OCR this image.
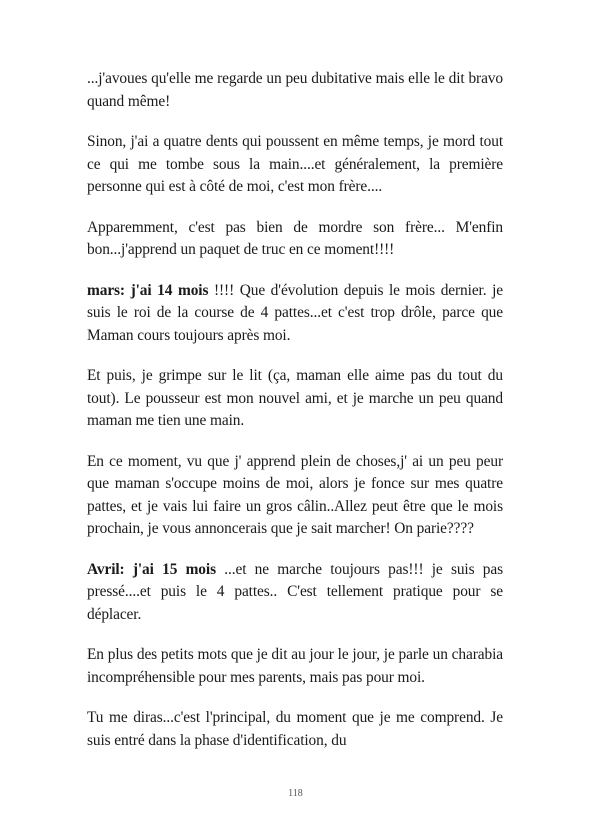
...j'avoues qu'elle me regarde un peu dubitative mais elle le dit bravo quand même!

Sinon, j'ai a quatre dents qui poussent en même temps, je mord tout ce qui me tombe sous la main....et généralement, la première personne qui est à côté de moi, c'est mon frère....

Apparemment, c'est pas bien de mordre son frère... M'enfin bon...j'apprend un paquet de truc en ce moment!!!!

mars: j'ai 14 mois !!!! Que d'évolution depuis le mois dernier. je suis le roi de la course de 4 pattes...et c'est trop drôle, parce que Maman cours toujours après moi.

Et puis, je grimpe sur le lit (ça, maman elle aime pas du tout du tout). Le pousseur est mon nouvel ami, et je marche un peu quand maman me tien une main.

En ce moment, vu que j' apprend plein de choses,j' ai un peu peur que maman s'occupe moins de moi, alors je fonce sur mes quatre pattes, et je vais lui faire un gros câlin..Allez peut être que le mois prochain, je vous annoncerais que je sait marcher! On parie????

Avril: j'ai 15 mois ...et ne marche toujours pas!!! je suis pas pressé....et puis le 4 pattes.. C'est tellement pratique pour se déplacer.

En plus des petits mots que je dit au jour le jour, je parle un charabia incompréhensible pour mes parents, mais pas pour moi.

Tu me diras...c'est l'principal, du moment que je me comprend. Je suis entré dans la phase d'identification, du

118
